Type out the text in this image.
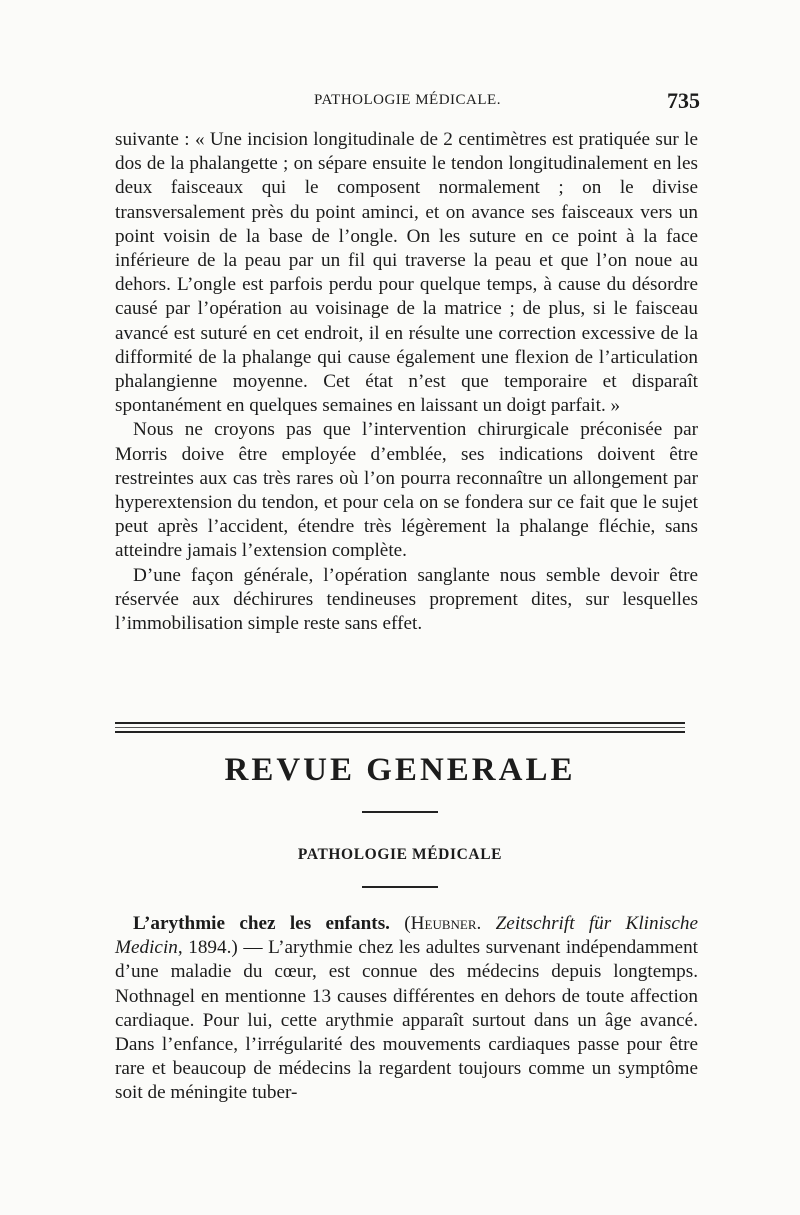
PATHOLOGIE MÉDICALE.	735

suivante : « Une incision longitudinale de 2 centimètres est pratiquée sur le dos de la phalangette ; on sépare ensuite le tendon longitudinalement en les deux faisceaux qui le composent normalement ; on le divise transversalement près du point aminci, et on avance ses faisceaux vers un point voisin de la base de l’ongle. On les suture en ce point à la face inférieure de la peau par un fil qui traverse la peau et que l’on noue au dehors. L’ongle est parfois perdu pour quelque temps, à cause du désordre causé par l’opération au voisinage de la matrice ; de plus, si le faisceau avancé est suturé en cet endroit, il en résulte une correction excessive de la difformité de la phalange qui cause également une flexion de l’articulation phalangienne moyenne. Cet état n’est que temporaire et disparaît spontanément en quelques semaines en laissant un doigt parfait. »

Nous ne croyons pas que l’intervention chirurgicale préconisée par Morris doive être employée d’emblée, ses indications doivent être restreintes aux cas très rares où l’on pourra reconnaître un allongement par hyperextension du tendon, et pour cela on se fondera sur ce fait que le sujet peut après l’accident, étendre très légèrement la phalange fléchie, sans atteindre jamais l’extension complète.

D’une façon générale, l’opération sanglante nous semble devoir être réservée aux déchirures tendineuses proprement dites, sur lesquelles l’immobilisation simple reste sans effet.

REVUE GENERALE
PATHOLOGIE MÉDICALE

L’arythmie chez les enfants. (Heubner. Zeitschrift für Klinische Medicin, 1894.) — L’arythmie chez les adultes survenant indépendamment d’une maladie du cœur, est connue des médecins depuis longtemps. Nothnagel en mentionne 13 causes différentes en dehors de toute affection cardiaque. Pour lui, cette arythmie apparaît surtout dans un âge avancé. Dans l’enfance, l’irrégularité des mouvements cardiaques passe pour être rare et beaucoup de médecins la regardent toujours comme un symptôme soit de méningite tuber-
